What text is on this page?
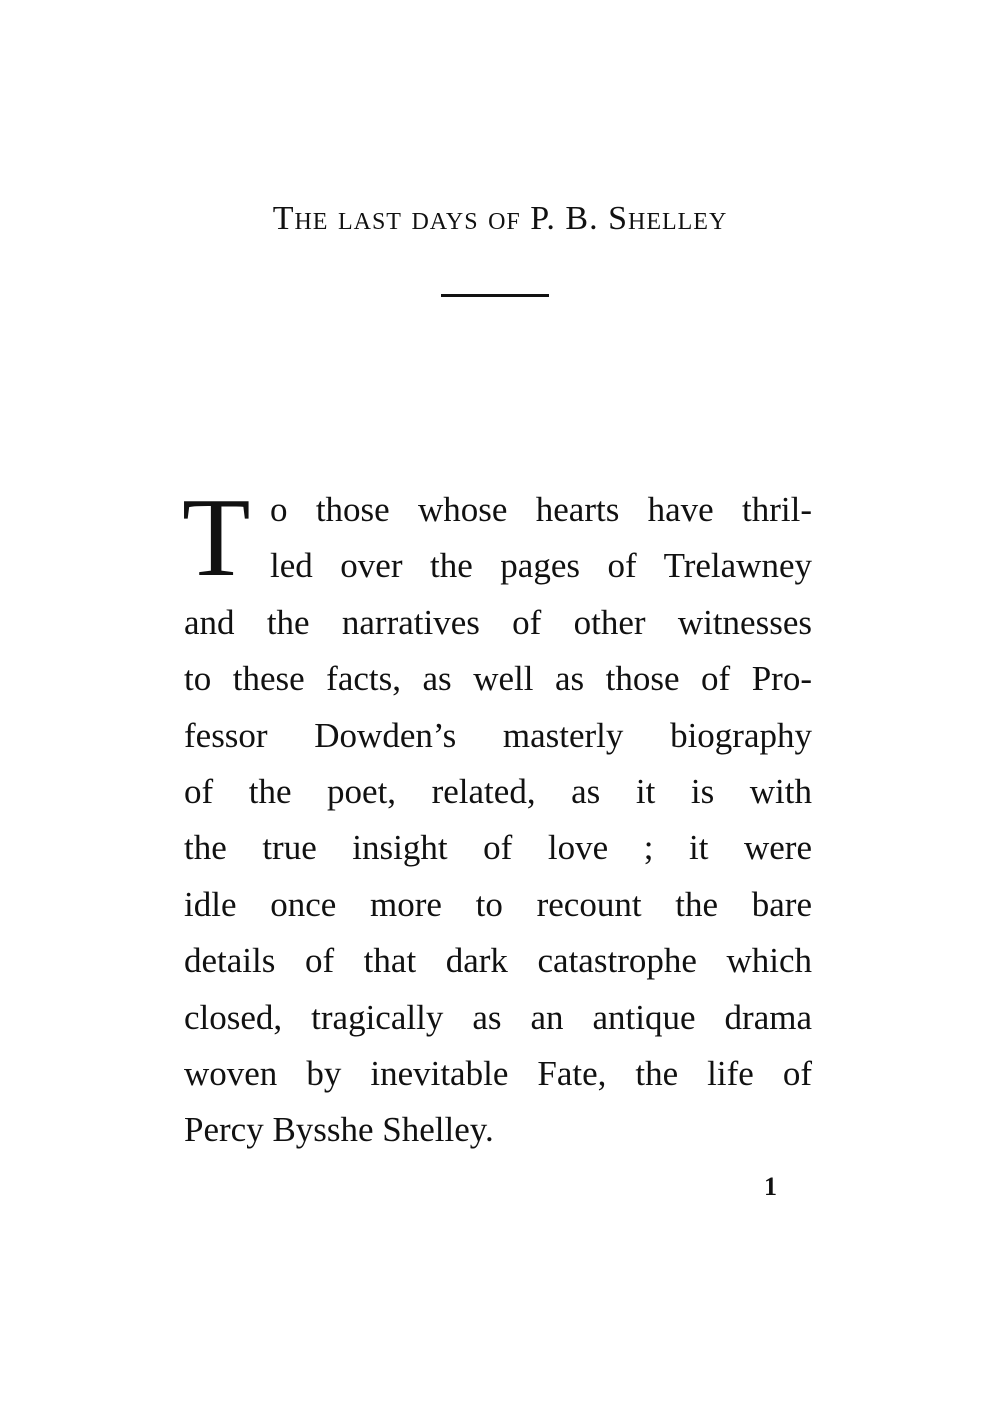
The last days of P. B. Shelley
T o those whose hearts have thril-
led over the pages of Trelawney
and the narratives of other witnesses
to these facts, as well as those of Pro-
fessor Dowden’s masterly biography
of the poet, related, as it is with
the true insight of love ; it were
idle once more to recount the bare
details of that dark catastrophe which
closed, tragically as an antique drama
woven by inevitable Fate, the life of
Percy Bysshe Shelley.
1
